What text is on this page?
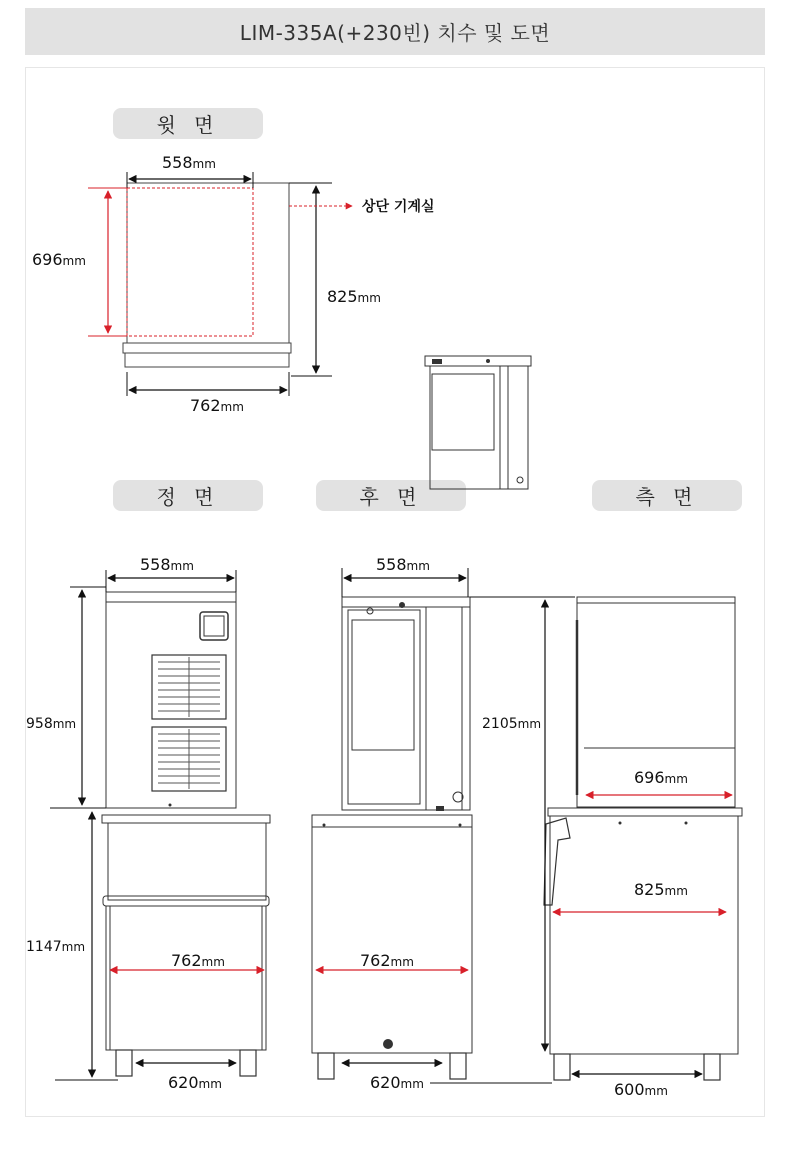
LIM-335A(+230빈) 치수 및 도면
윗 면
정 면	후 면	측 면
상단 기계실
558mm
696mm
825mm
762mm
558mm
958mm
1147mm
762mm
620mm
558mm
762mm
620mm
2105mm
696mm
825mm
600mm
